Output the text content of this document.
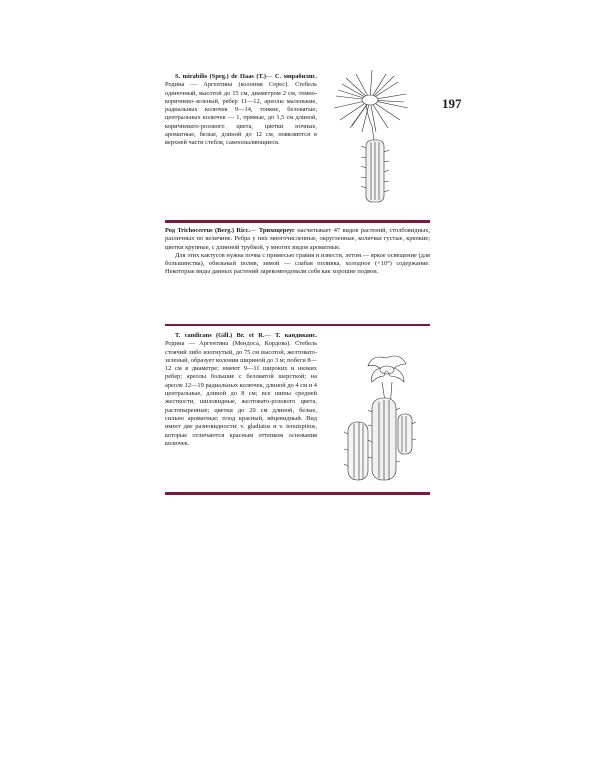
197

S. mirabilis (Speg.) de Haas (T.)— С. мирабилис. Родина — Аргентина (колония Серес). Стебель одиночный, высотой до 15 см, диаметром 2 см, темно-коричнево-зеленый, ребер 11—12, ареолы маленькие, радиальных колючек 9—14, тонкие, беловатые; центральных колючек — 1, прямые, до 1,5 см длиной, коричневато-розового цвета, цветки ночные, ароматные, белые, длиной до 12 см, появляются в верхней части стебля, самоопыляющиеся.

Род Trichocereus (Berg.) Ricc.— Трихоцереус насчитывает 47 видов растений, столбовидных, различных по величине. Ребра у них многочисленные, округленные, колючки густые, крепкие; цветки крупные, с длинной трубкой, у многих видов ароматные.

Для этих кактусов нужна почва с примесью гравия и извести, летом — яркое освещение (для большинства), обильный полив, зимой — слабая поливка, холодное (+10°) содержание. Некоторые виды данных растений зарекомендовали себя как хорошие подвои.

T. candicans (Gill.) Br. et R.— Т. кандиканс. Родина — Аргентина (Мендоса, Кордова). Стебель стоячий либо изогнутый, до 75 см высотой, желтовато-зеленый, образует колонии шириной до 3 м; побеги 8—12 см в диаметре; имеют 9—11 широких и низких ребер; ареолы большие с беловатой шерсткой; на ареоле 12—19 радиальных колючек, длиной до 4 см и 4 центральные, длиной до 8 см; все шипы средней жесткости, шиловидные, желтовато-розового цвета, растопыренные; цветки до 20 см длиной, белые, сильно ароматные; плод красный, яйцевидный. Вид имеет две разновидности: v. gladiatus и v. tenuispinus, которые отличаются красным оттенком основания колючек.
